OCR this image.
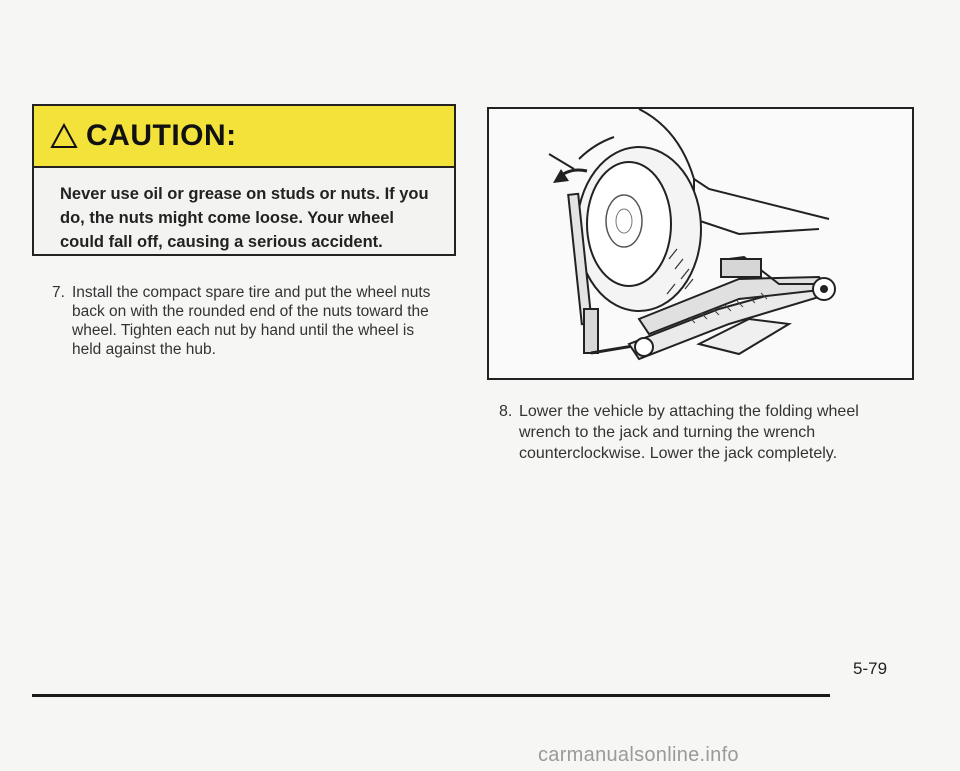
CAUTION:
Never use oil or grease on studs or nuts. If you do, the nuts might come loose. Your wheel could fall off, causing a serious accident.
7. Install the compact spare tire and put the wheel nuts back on with the rounded end of the nuts toward the wheel. Tighten each nut by hand until the wheel is held against the hub.
8. Lower the vehicle by attaching the folding wheel wrench to the jack and turning the wrench counterclockwise. Lower the jack completely.
5-79
carmanualsonline.info
